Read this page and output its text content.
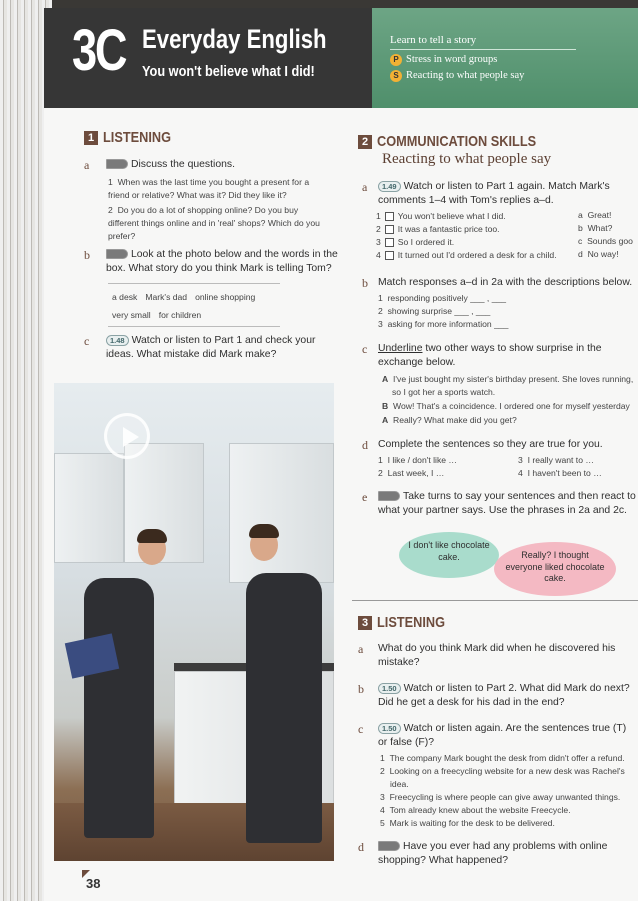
3C Everyday English
You won't believe what I did!
Learn to tell a story
P Stress in word groups
S Reacting to what people say
1 LISTENING
a	Discuss the questions.
1 When was the last time you bought a present for a friend or relative? What was it? Did they like it?
2 Do you do a lot of shopping online? Do you buy different things online and in 'real' shops? Which do you prefer?
b	Look at the photo below and the words in the box. What story do you think Mark is telling Tom?
a desk Mark's dad online shopping
very small for children
c	1.48 Watch or listen to Part 1 and check your ideas. What mistake did Mark make?
2 COMMUNICATION SKILLS
Reacting to what people say
a	1.49 Watch or listen to Part 1 again. Match Mark's comments 1–4 with Tom's replies a–d.
1 You won't believe what I did.
2 It was a fantastic price too.
3 So I ordered it.
4 It turned out I'd ordered a desk for a child.
a Great!
b What?
c Sounds goo
d No way!
b Match responses a–d in 2a with the descriptions below.
1 responding positively ___ , ___
2 showing surprise ___ , ___
3 asking for more information ___
c Underline two other ways to show surprise in the exchange below.
A I've just bought my sister's birthday present. She loves running, so I got her a sports watch.
B Wow! That's a coincidence. I ordered one for myself yesterday
A Really? What make did you get?
d Complete the sentences so they are true for you.
1 I like / don't like …
2 Last week, I …
3 I really want to …
4 I haven't been to …
e	Take turns to say your sentences and then react to what your partner says. Use the phrases in 2a and 2c.
I don't like chocolate cake.	Really? I thought everyone liked chocolate cake.
3 LISTENING
a What do you think Mark did when he discovered his mistake?
b	1.50 Watch or listen to Part 2. What did Mark do next? Did he get a desk for his dad in the end?
c	1.50 Watch or listen again. Are the sentences true (T) or false (F)?
1 The company Mark bought the desk from didn't offer a refund.
2 Looking on a freecycling website for a new desk was Rachel's idea.
3 Freecycling is where people can give away unwanted things.
4 Tom already knew about the website Freecycle.
5 Mark is waiting for the desk to be delivered.
d	Have you ever had any problems with online shopping? What happened?
38
